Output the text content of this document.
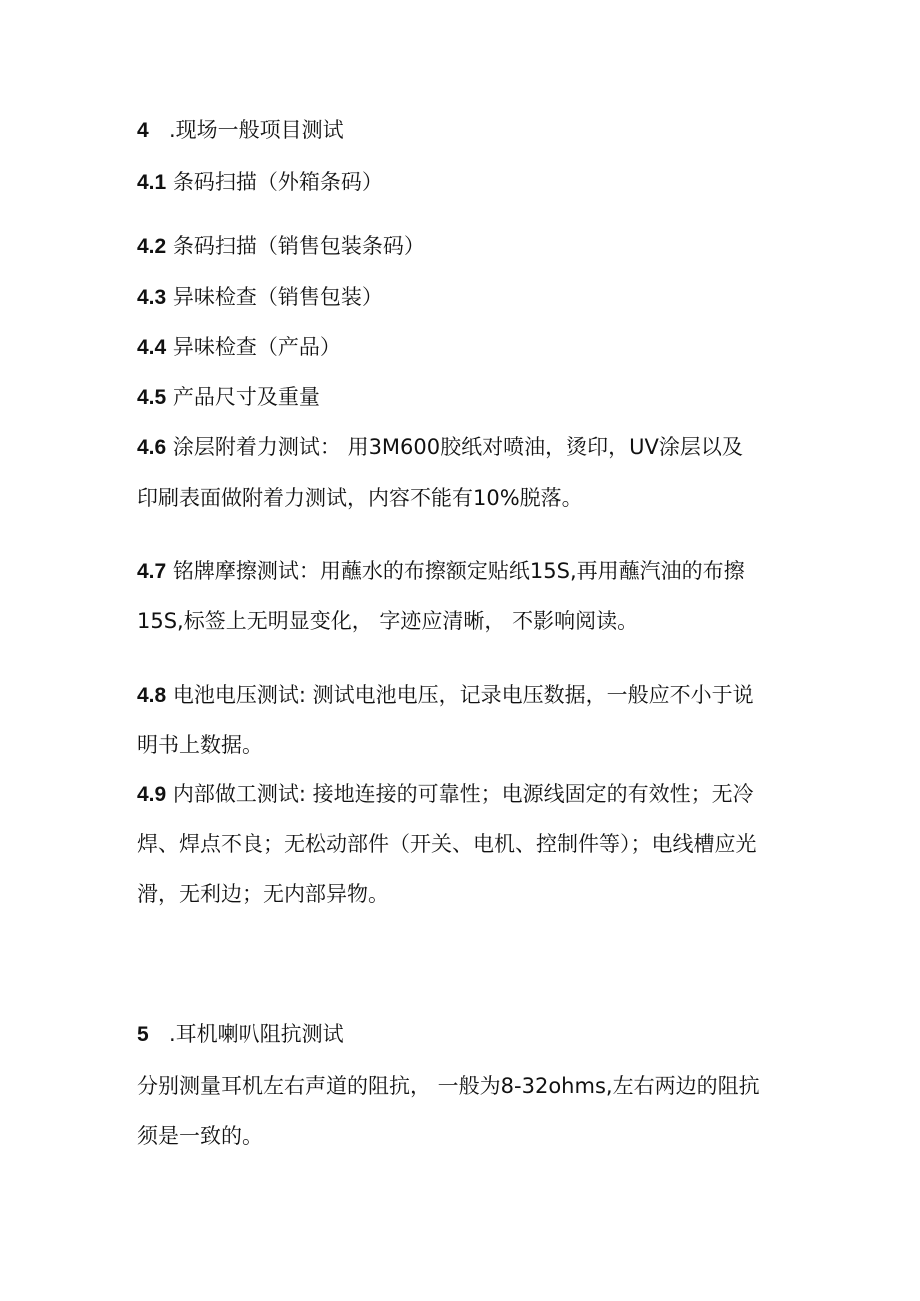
4 .现场一般项目测试
4.1 条码扫描（外箱条码）
4.2 条码扫描（销售包装条码）
4.3 异味检查（销售包装）
4.4 异味检查（产品）
4.5 产品尺寸及重量
4.6 涂层附着力测试： 用3M600胶纸对喷油，烫印，UV涂层以及
印刷表面做附着力测试，内容不能有10%脱落。
4.7 铭牌摩擦测试：用蘸水的布擦额定贴纸15S,再用蘸汽油的布擦
15S,标签上无明显变化， 字迹应清晰， 不影响阅读。
4.8 电池电压测试: 测试电池电压，记录电压数据，一般应不小于说
明书上数据。
4.9 内部做工测试: 接地连接的可靠性；电源线固定的有效性；无冷
焊、焊点不良；无松动部件（开关、电机、控制件等）；电线槽应光
滑，无利边；无内部异物。
5 .耳机喇叭阻抗测试
分别测量耳机左右声道的阻抗， 一般为8-32ohms,左右两边的阻抗
须是一致的。
